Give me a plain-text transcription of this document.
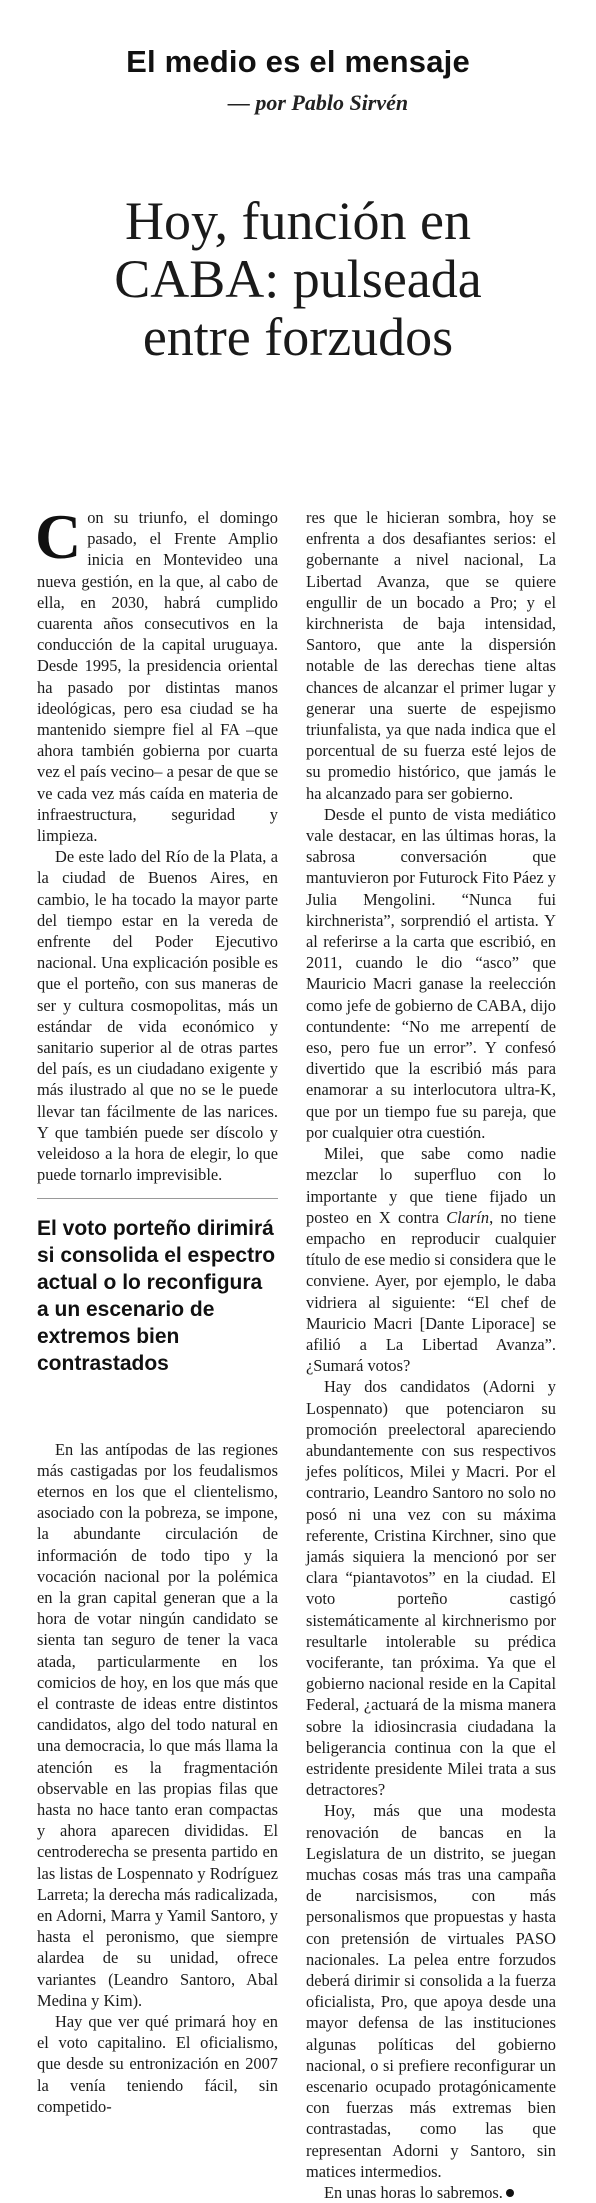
El medio es el mensaje
— por Pablo Sirvén
Hoy, función en
CABA: pulseada
entre forzudos

Con su triunfo, el domingo pasado, el Frente Amplio inicia en Montevideo una nueva gestión, en la que, al cabo de ella, en 2030, habrá cumplido cuarenta años consecutivos en la conducción de la capital uruguaya. Desde 1995, la presidencia oriental ha pasado por distintas manos ideológicas, pero esa ciudad se ha mantenido siempre fiel al FA –que ahora también gobierna por cuarta vez el país vecino– a pesar de que se ve cada vez más caída en materia de infraestructura, seguridad y limpieza.

De este lado del Río de la Plata, a la ciudad de Buenos Aires, en cambio, le ha tocado la mayor parte del tiempo estar en la vereda de enfrente del Poder Ejecutivo nacional. Una explicación posible es que el porteño, con sus maneras de ser y cultura cosmopolitas, más un estándar de vida económico y sanitario superior al de otras partes del país, es un ciudadano exigente y más ilustrado al que no se le puede llevar tan fácilmente de las narices. Y que también puede ser díscolo y veleidoso a la hora de elegir, lo que puede tornarlo imprevisible.

El voto porteño dirimirá si consolida el espectro actual o lo reconfigura a un escenario de extremos bien contrastados

En las antípodas de las regiones más castigadas por los feudalismos eternos en los que el clientelismo, asociado con la pobreza, se impone, la abundante circulación de información de todo tipo y la vocación nacional por la polémica en la gran capital generan que a la hora de votar ningún candidato se sienta tan seguro de tener la vaca atada, particularmente en los comicios de hoy, en los que más que el contraste de ideas entre distintos candidatos, algo del todo natural en una democracia, lo que más llama la atención es la fragmentación observable en las propias filas que hasta no hace tanto eran compactas y ahora aparecen divididas. El centroderecha se presenta partido en las listas de Lospennato y Rodríguez Larreta; la derecha más radicalizada, en Adorni, Marra y Yamil Santoro, y hasta el peronismo, que siempre alardea de su unidad, ofrece variantes (Leandro Santoro, Abal Medina y Kim).

Hay que ver qué primará hoy en el voto capitalino. El oficialismo, que desde su entronización en 2007 la venía teniendo fácil, sin competido-

res que le hicieran sombra, hoy se enfrenta a dos desafiantes serios: el gobernante a nivel nacional, La Libertad Avanza, que se quiere engullir de un bocado a Pro; y el kirchnerista de baja intensidad, Santoro, que ante la dispersión notable de las derechas tiene altas chances de alcanzar el primer lugar y generar una suerte de espejismo triunfalista, ya que nada indica que el porcentual de su fuerza esté lejos de su promedio histórico, que jamás le ha alcanzado para ser gobierno.

Desde el punto de vista mediático vale destacar, en las últimas horas, la sabrosa conversación que mantuvieron por Futurock Fito Páez y Julia Mengolini. “Nunca fui kirchnerista”, sorprendió el artista. Y al referirse a la carta que escribió, en 2011, cuando le dio “asco” que Mauricio Macri ganase la reelección como jefe de gobierno de CABA, dijo contundente: “No me arrepentí de eso, pero fue un error”. Y confesó divertido que la escribió más para enamorar a su interlocutora ultra-K, que por un tiempo fue su pareja, que por cualquier otra cuestión.

Milei, que sabe como nadie mezclar lo superfluo con lo importante y que tiene fijado un posteo en X contra Clarín, no tiene empacho en reproducir cualquier título de ese medio si considera que le conviene. Ayer, por ejemplo, le daba vidriera al siguiente: “El chef de Mauricio Macri [Dante Liporace] se afilió a La Libertad Avanza”. ¿Sumará votos?

Hay dos candidatos (Adorni y Lospennato) que potenciaron su promoción preelectoral apareciendo abundantemente con sus respectivos jefes políticos, Milei y Macri. Por el contrario, Leandro Santoro no solo no posó ni una vez con su máxima referente, Cristina Kirchner, sino que jamás siquiera la mencionó por ser clara “piantavotos” en la ciudad. El voto porteño castigó sistemáticamente al kirchnerismo por resultarle intolerable su prédica vociferante, tan próxima. Ya que el gobierno nacional reside en la Capital Federal, ¿actuará de la misma manera sobre la idiosincrasia ciudadana la beligerancia continua con la que el estridente presidente Milei trata a sus detractores?

Hoy, más que una modesta renovación de bancas en la Legislatura de un distrito, se juegan muchas cosas más tras una campaña de narcisismos, con más personalismos que propuestas y hasta con pretensión de virtuales PASO nacionales. La pelea entre forzudos deberá dirimir si consolida a la fuerza oficialista, Pro, que apoya desde una mayor defensa de las instituciones algunas políticas del gobierno nacional, o si prefiere reconfigurar un escenario ocupado protagónicamente con fuerzas más extremas bien contrastadas, como las que representan Adorni y Santoro, sin matices intermedios.

En unas horas lo sabremos.
